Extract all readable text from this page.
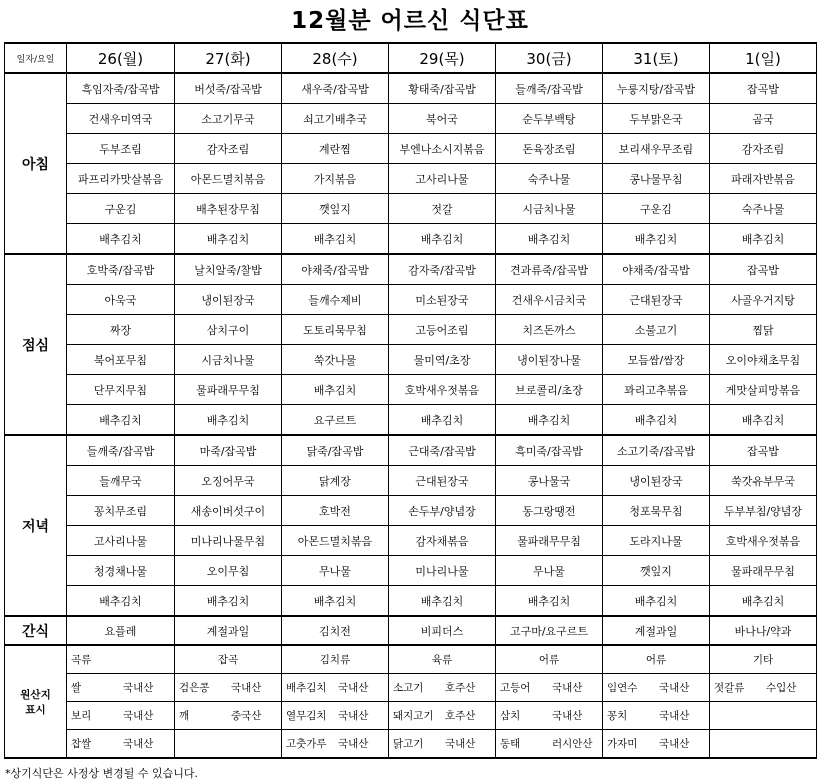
12월분 어르신 식단표
일자/요일	26(월)	27(화)	28(수)	29(목)	30(금)	31(토)	1(일)
아침	흑임자죽/잡곡밥	버섯죽/잡곡밥	새우죽/잡곡밥	황태죽/잡곡밥	들깨죽/잡곡밥	누룽지탕/잡곡밥	잡곡밥
	건새우미역국	소고기무국	쇠고기배추국	북어국	순두부백탕	두부맑은국	곰국
	두부조림	감자조림	계란찜	부엔나소시지볶음	돈육장조림	보리새우무조림	감자조림
	파프리카맛살볶음	아몬드멸치볶음	가지볶음	고사리나물	숙주나물	콩나물무침	파래자반볶음
	구운김	배추된장무침	깻잎지	젓갈	시금치나물	구운김	숙주나물
	배추김치	배추김치	배추김치	배추김치	배추김치	배추김치	배추김치
점심	호박죽/잡곡밥	날치알죽/찰밥	야채죽/잡곡밥	감자죽/잡곡밥	견과류죽/잡곡밥	야채죽/잡곡밥	잡곡밥
	아욱국	냉이된장국	들깨수제비	미소된장국	건새우시금치국	근대된장국	사골우거지탕
	짜장	삼치구이	도토리묵무침	고등어조림	치즈돈까스	소불고기	찜닭
	북어포무침	시금치나물	쑥갓나물	물미역/초장	냉이된장나물	모듬쌈/쌈장	오이야채초무침
	단무지무침	물파래무무침	배추김치	호박새우젓볶음	브로콜리/초장	꽈리고추볶음	게맛살피망볶음
	배추김치	배추김치	요구르트	배추김치	배추김치	배추김치	배추김치
저녁	들깨죽/잡곡밥	마죽/잡곡밥	닭죽/잡곡밥	근대죽/잡곡밥	흑미죽/잡곡밥	소고기죽/잡곡밥	잡곡밥
	들깨무국	오징어무국	닭계장	근대된장국	콩나물국	냉이된장국	쑥갓유부무국
	꽁치무조림	새송이버섯구이	호박전	손두부/양념장	동그랑땡전	청포묵무침	두부부침/양념장
	고사리나물	미나리나물무침	아몬드멸치볶음	감자채볶음	물파래무무침	도라지나물	호박새우젓볶음
	청경채나물	오이무침	무나물	미나리나물	무나물	깻잎지	물파래무무침
	배추김치	배추김치	배추김치	배추김치	배추김치	배추김치	배추김치
간식	요플레	계절과일	김치전	비피더스	고구마/요구르트	계절과일	바나나/약과

원산지
표시	곡류	잡곡	김치류	육류	어류	어류	기타

	쌀 국내산	검은콩 국내산	배추김치 국내산	소고기 호주산	고등어 국내산	임연수 국내산	젓갈류 수입산

	보리 국내산	깨 중국산	열무김치 국내산	돼지고기 호주산	삼치 국내산	꽁치 국내산	

	찹쌀 국내산		고춧가루 국내산	닭고기 국내산	동태 러시안산	가자미 국내산	

*상기식단은 사정상 변경될 수 있습니다.
